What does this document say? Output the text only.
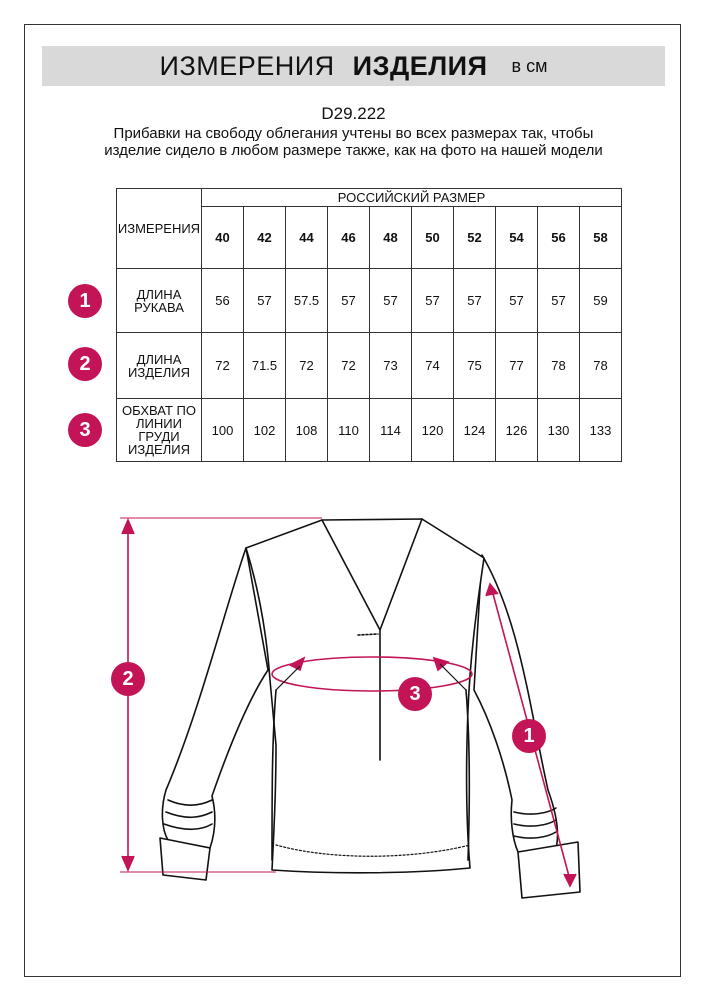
ИЗМЕРЕНИЯ ИЗДЕЛИЯ в см
D29.222
Прибавки на свободу облегания учтены во всех размерах так, чтобы изделие сидело в любом размере также, как на фото на нашей модели
ИЗМЕРЕНИЯ	РОССИЙСКИЙ РАЗМЕР									
	40	42	44	46	48	50	52	54	56	58

ДЛИНА
РУКАВА	56	57	57.5	57	57	57	57	57	57	59

ДЛИНА
ИЗДЕЛИЯ	72	71.5	72	72	73	74	75	77	78	78

ОБХВАТ ПО
ЛИНИИ
ГРУДИ
ИЗДЕЛИЯ	100	102	108	110	114	120	124	126	130	133
1
2
3
2
3
1
